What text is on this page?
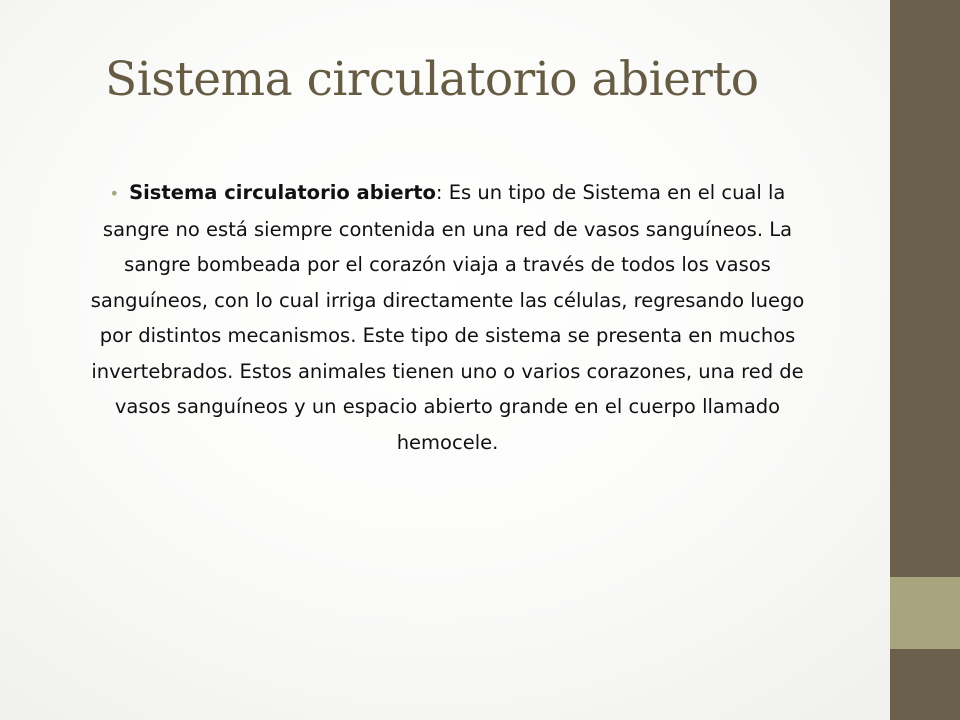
Sistema circulatorio abierto
• Sistema circulatorio abierto: Es un tipo de Sistema en el cual la sangre no está siempre contenida en una red de vasos sanguíneos. La sangre bombeada por el corazón viaja a través de todos los vasos sanguíneos, con lo cual irriga directamente las células, regresando luego por distintos mecanismos. Este tipo de sistema se presenta en muchos invertebrados. Estos animales tienen uno o varios corazones, una red de vasos sanguíneos y un espacio abierto grande en el cuerpo llamado hemocele.
